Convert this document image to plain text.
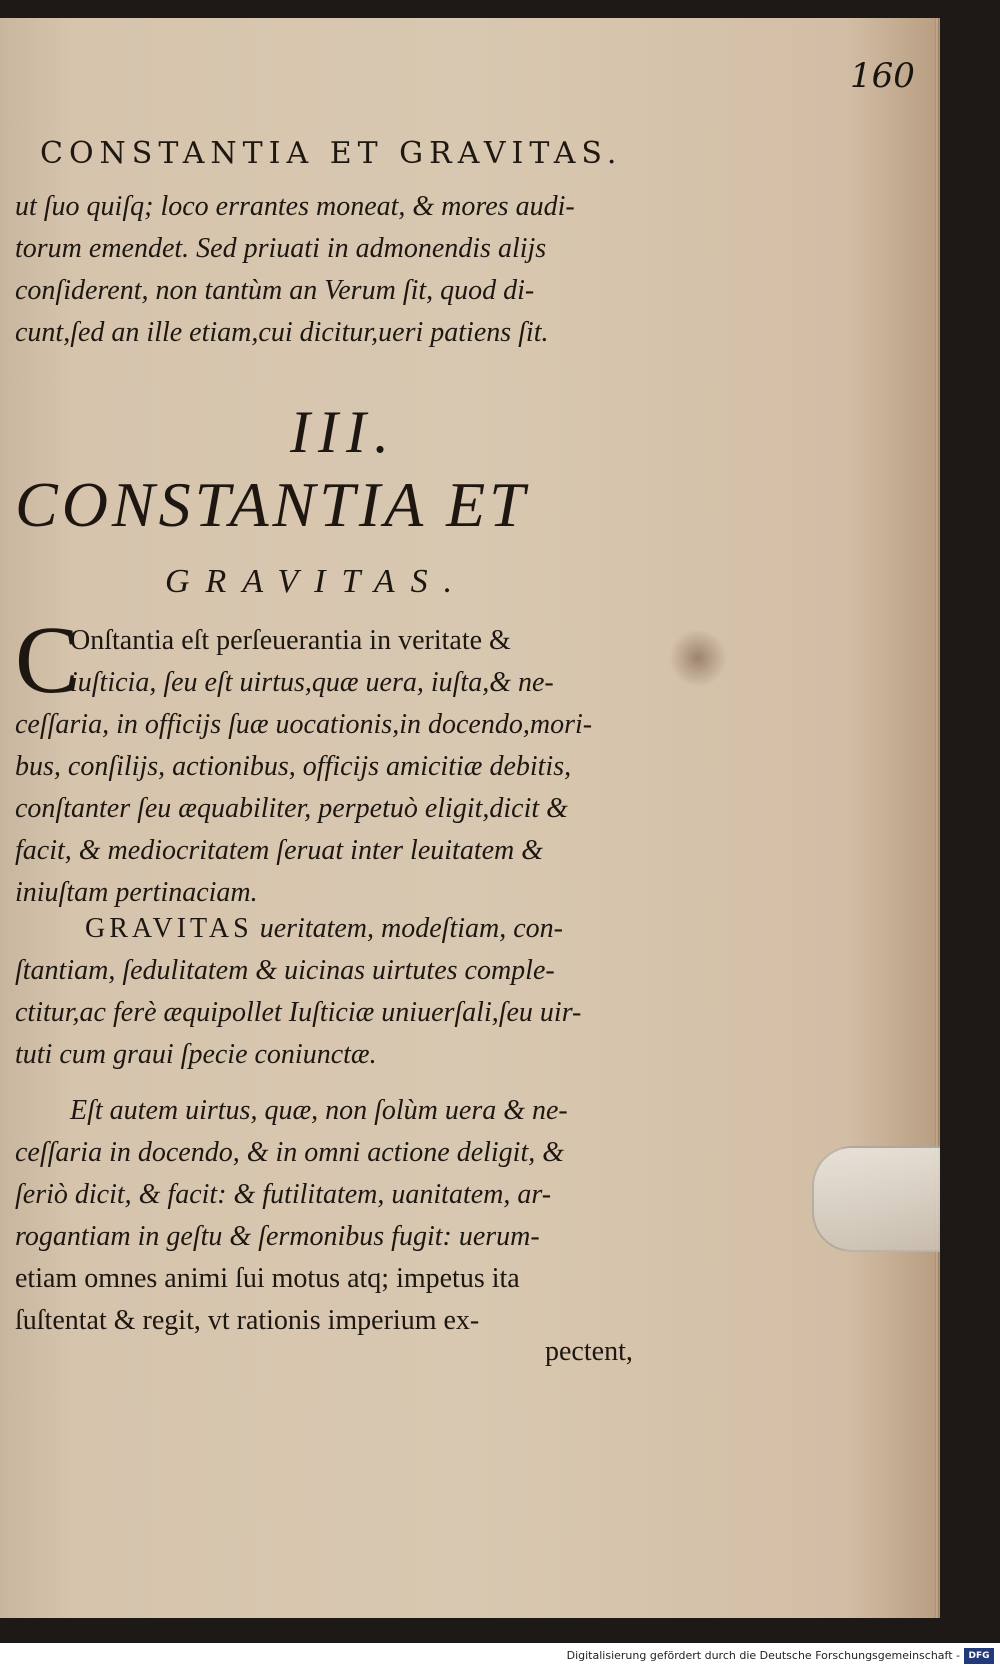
160
CONSTANTIA ET GRAVITAS.
ut ſuo quiſq; loco errantes moneat, & mores audi-
torum emendet. Sed priuati in admonendis alijs
conſiderent, non tantùm an Verum ſit, quod di-
cunt,ſed an ille etiam,cui dicitur,ueri patiens ſit.
III.
CONSTANTIA ET
GRAVITAS.
C
Onſtantia eſt perſeuerantia in veritate &
iuſticia, ſeu eſt uirtus,quæ uera, iuſta,& ne-
ceſſaria, in officijs ſuæ uocationis,in docendo,mori-
bus, conſilijs, actionibus, officijs amicitiæ debitis,
conſtanter ſeu æquabiliter, perpetuò eligit,dicit &
facit, & mediocritatem ſeruat inter leuitatem &
iniuſtam pertinaciam.
GRAVITAS ueritatem, modeſtiam, con-
ſtantiam, ſedulitatem & uicinas uirtutes comple-
ctitur,ac ferè æquipollet Iuſticiæ uniuerſali,ſeu uir-
tuti cum graui ſpecie coniunctæ.
Eſt autem uirtus, quæ, non ſolùm uera & ne-
ceſſaria in docendo, & in omni actione deligit, &
ſeriò dicit, & facit: & futilitatem, uanitatem, ar-
rogantiam in geſtu & ſermonibus fugit: uerum-
etiam omnes animi ſui motus atq; impetus ita
ſuſtentat & regit, vt rationis imperium ex-
pectent,
Digitalisierung gefördert durch die Deutsche Forschungsgemeinschaft - DFG
